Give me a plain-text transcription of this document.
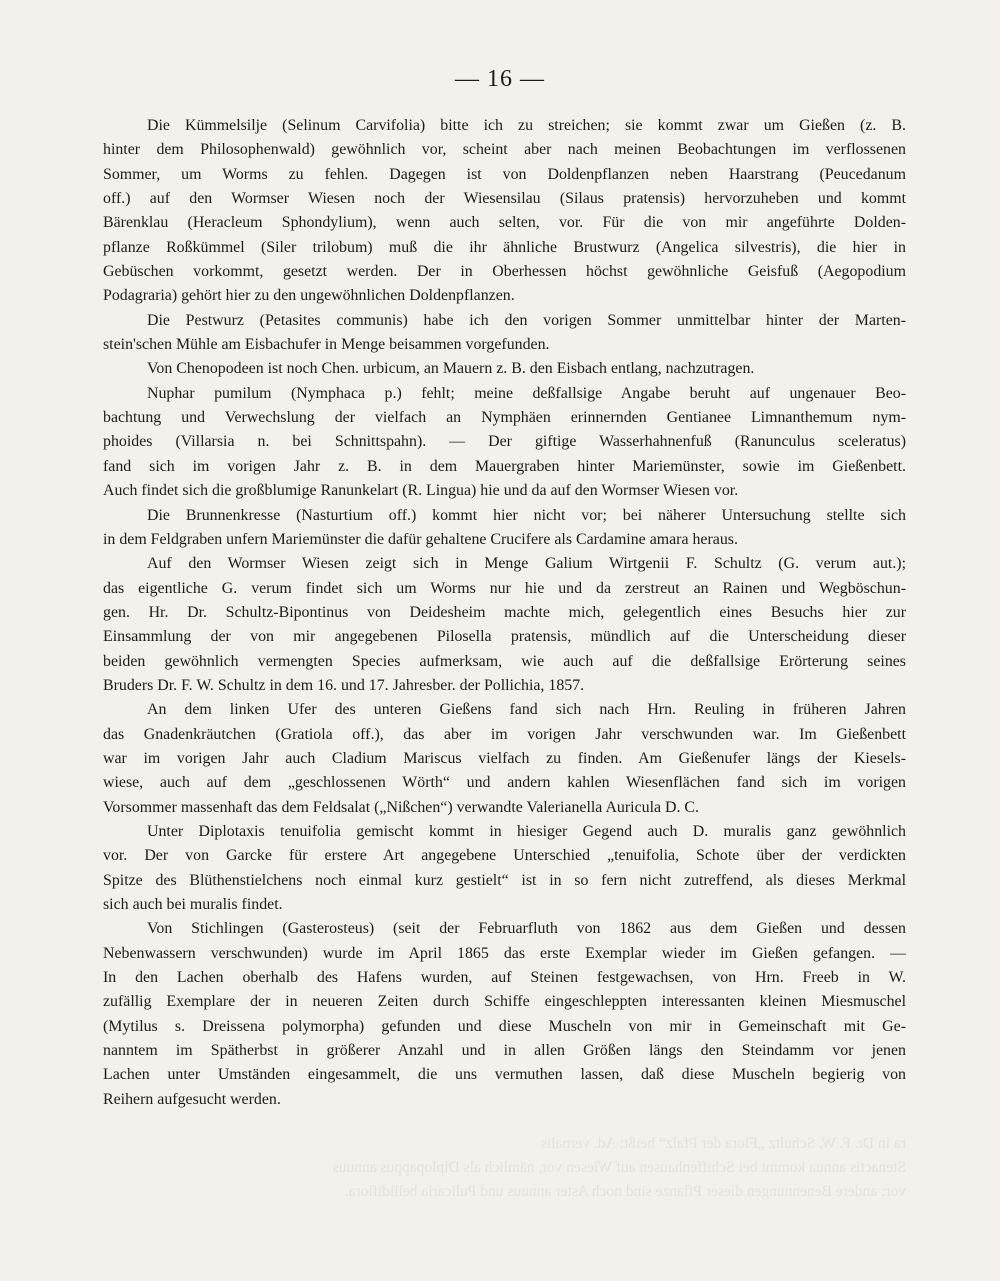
— 16 —

Die Kümmelsilje (Selinum Carvifolia) bitte ich zu streichen; sie kommt zwar um Gießen (z. B.
hinter dem Philosophenwald) gewöhnlich vor, scheint aber nach meinen Beobachtungen im verflossenen
Sommer, um Worms zu fehlen. Dagegen ist von Doldenpflanzen neben Haarstrang (Peucedanum
off.) auf den Wormser Wiesen noch der Wiesensilau (Silaus pratensis) hervorzuheben und kommt
Bärenklau (Heracleum Sphondylium), wenn auch selten, vor. Für die von mir angeführte Dolden-
pflanze Roßkümmel (Siler trilobum) muß die ihr ähnliche Brustwurz (Angelica silvestris), die hier in
Gebüschen vorkommt, gesetzt werden. Der in Oberhessen höchst gewöhnliche Geisfuß (Aegopodium
Podagraria) gehört hier zu den ungewöhnlichen Doldenpflanzen.

Die Pestwurz (Petasites communis) habe ich den vorigen Sommer unmittelbar hinter der Marten-
stein'schen Mühle am Eisbachufer in Menge beisammen vorgefunden.

Von Chenopodeen ist noch Chen. urbicum, an Mauern z. B. den Eisbach entlang, nachzutragen.

Nuphar pumilum (Nymphaca p.) fehlt; meine deßfallsige Angabe beruht auf ungenauer Beo-
bachtung und Verwechslung der vielfach an Nymphäen erinnernden Gentianee Limnanthemum nym-
phoides (Villarsia n. bei Schnittspahn). — Der giftige Wasserhahnenfuß (Ranunculus sceleratus)
fand sich im vorigen Jahr z. B. in dem Mauergraben hinter Mariemünster, sowie im Gießenbett.
Auch findet sich die großblumige Ranunkelart (R. Lingua) hie und da auf den Wormser Wiesen vor.

Die Brunnenkresse (Nasturtium off.) kommt hier nicht vor; bei näherer Untersuchung stellte sich
in dem Feldgraben unfern Mariemünster die dafür gehaltene Crucifere als Cardamine amara heraus.

Auf den Wormser Wiesen zeigt sich in Menge Galium Wirtgenii F. Schultz (G. verum aut.);
das eigentliche G. verum findet sich um Worms nur hie und da zerstreut an Rainen und Wegböschun-
gen. Hr. Dr. Schultz-Bipontinus von Deidesheim machte mich, gelegentlich eines Besuchs hier zur
Einsammlung der von mir angegebenen Pilosella pratensis, mündlich auf die Unterscheidung dieser
beiden gewöhnlich vermengten Species aufmerksam, wie auch auf die deßfallsige Erörterung seines
Bruders Dr. F. W. Schultz in dem 16. und 17. Jahresber. der Pollichia, 1857.

An dem linken Ufer des unteren Gießens fand sich nach Hrn. Reuling in früheren Jahren
das Gnadenkräutchen (Gratiola off.), das aber im vorigen Jahr verschwunden war. Im Gießenbett
war im vorigen Jahr auch Cladium Mariscus vielfach zu finden. Am Gießenufer längs der Kiesels-
wiese, auch auf dem „geschlossenen Wörth“ und andern kahlen Wiesenflächen fand sich im vorigen
Vorsommer massenhaft das dem Feldsalat („Nißchen“) verwandte Valerianella Auricula D. C.

Unter Diplotaxis tenuifolia gemischt kommt in hiesiger Gegend auch D. muralis ganz gewöhnlich
vor. Der von Garcke für erstere Art angegebene Unterschied „tenuifolia, Schote über der verdickten
Spitze des Blüthenstielchens noch einmal kurz gestielt“ ist in so fern nicht zutreffend, als dieses Merkmal
sich auch bei muralis findet.

Von Stichlingen (Gasterosteus) (seit der Februarfluth von 1862 aus dem Gießen und dessen
Nebenwassern verschwunden) wurde im April 1865 das erste Exemplar wieder im Gießen gefangen. —
In den Lachen oberhalb des Hafens wurden, auf Steinen festgewachsen, von Hrn. Freeb in W.
zufällig Exemplare der in neueren Zeiten durch Schiffe eingeschleppten interessanten kleinen Miesmuschel
(Mytilus s. Dreissena polymorpha) gefunden und diese Muscheln von mir in Gemeinschaft mit Ge-
nanntem im Spätherbst in größerer Anzahl und in allen Größen längs den Steindamm vor jenen
Lachen unter Umständen eingesammelt, die uns vermuthen lassen, daß diese Muscheln begierig von
Reihern aufgesucht werden.

ra in Dr. F. W. Schultz „Flora der Pfalz“ heißt: Ad. vernalis
Stenactis annua kommt bei Schiffenhausen auf Wiesen vor, nämlich als Diplopappus annuus
vor: andere Benennungen dieser Pflanze sind noch Aster annuus und Pulicaria bellidiflora.
